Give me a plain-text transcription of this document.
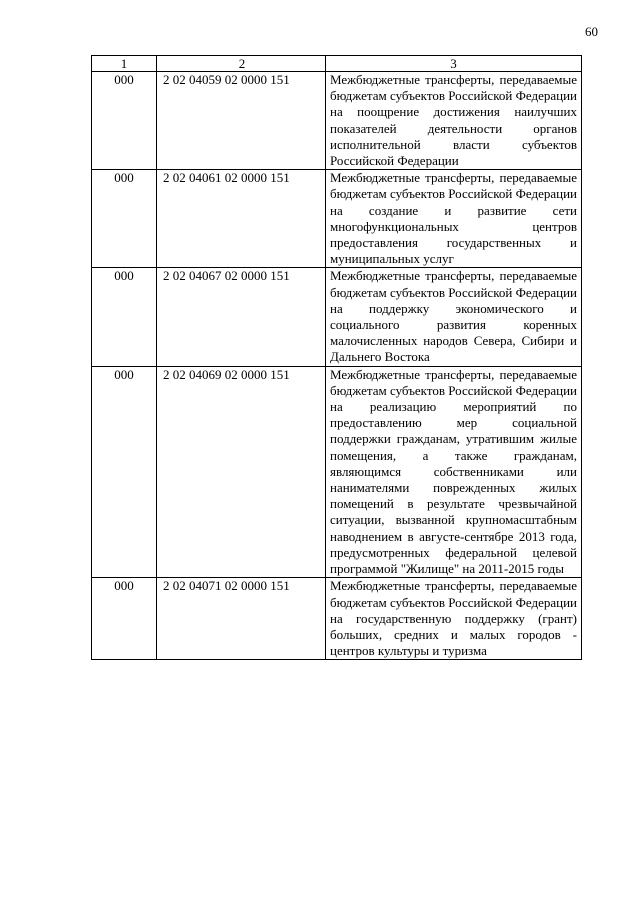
60
1	2	3
000	2 02 04059 02 0000 151	Межбюджетные трансферты, передаваемые бюджетам субъектов Российской Федерации на поощрение достижения наилучших показателей деятельности органов исполнительной власти субъектов Российской Федерации
000	2 02 04061 02 0000 151	Межбюджетные трансферты, передаваемые бюджетам субъектов Российской Федерации на создание и развитие сети многофункциональных центров предоставления государственных и муниципальных услуг
000	2 02 04067 02 0000 151	Межбюджетные трансферты, передаваемые бюджетам субъектов Российской Федерации на поддержку экономического и социального развития коренных малочисленных народов Севера, Сибири и Дальнего Востока
000	2 02 04069 02 0000 151	Межбюджетные трансферты, передаваемые бюджетам субъектов Российской Федерации на реализацию мероприятий по предоставлению мер социальной поддержки гражданам, утратившим жилые помещения, а также гражданам, являющимся собственниками или нанимателями поврежденных жилых помещений в результате чрезвычайной ситуации, вызванной крупномасштабным наводнением в августе-сентябре 2013 года, предусмотренных федеральной целевой программой "Жилище" на 2011-2015 годы
000	2 02 04071 02 0000 151	Межбюджетные трансферты, передаваемые бюджетам субъектов Российской Федерации на государственную поддержку (грант) больших, средних и малых городов - центров культуры и туризма
